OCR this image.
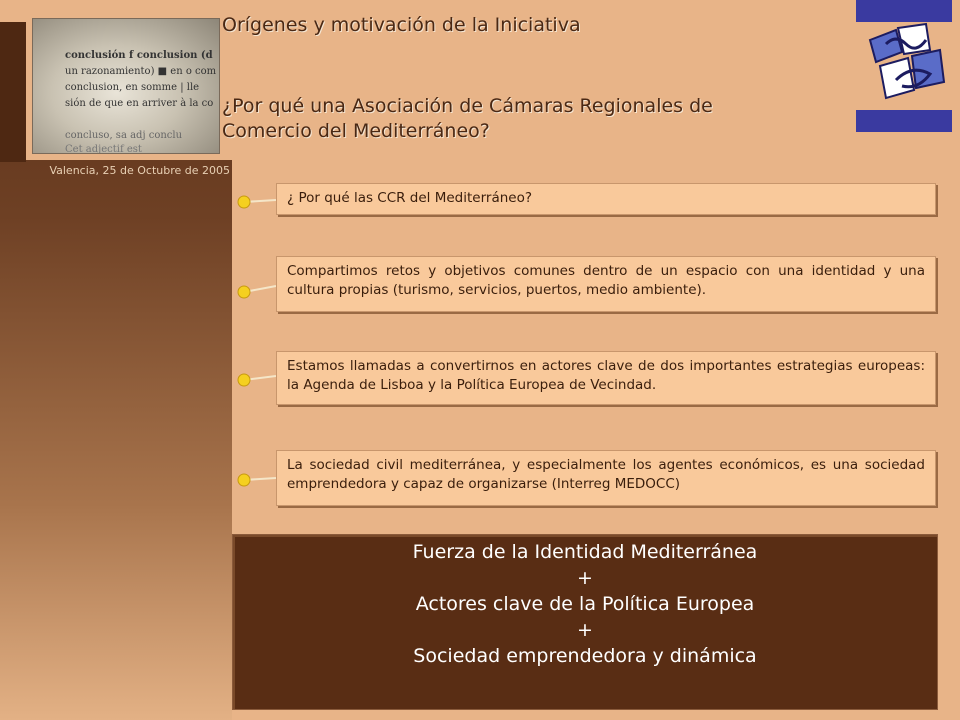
conclusión f conclusion (d
un razonamiento) ■ en o com
conclusion, en somme | lle
sión de que en arriver à la co
concluso, sa adj conclu
Cet adjectif est
Valencia, 25 de Octubre de 2005
Orígenes y motivación de la Iniciativa
¿Por qué una Asociación de Cámaras Regionales de Comercio del Mediterráneo?
¿ Por qué las CCR del Mediterráneo?
Compartimos retos y objetivos comunes dentro de un espacio con una identidad y una cultura propias (turismo, servicios, puertos, medio ambiente).
Estamos llamadas a convertirnos en actores clave de dos importantes estrategias europeas: la Agenda de Lisboa y la Política Europea de Vecindad.
La sociedad civil mediterránea, y especialmente los agentes económicos, es una sociedad emprendedora y capaz de organizarse (Interreg MEDOCC)
Fuerza de la Identidad Mediterránea
+
Actores clave de la Política Europea
+
Sociedad emprendedora y dinámica
